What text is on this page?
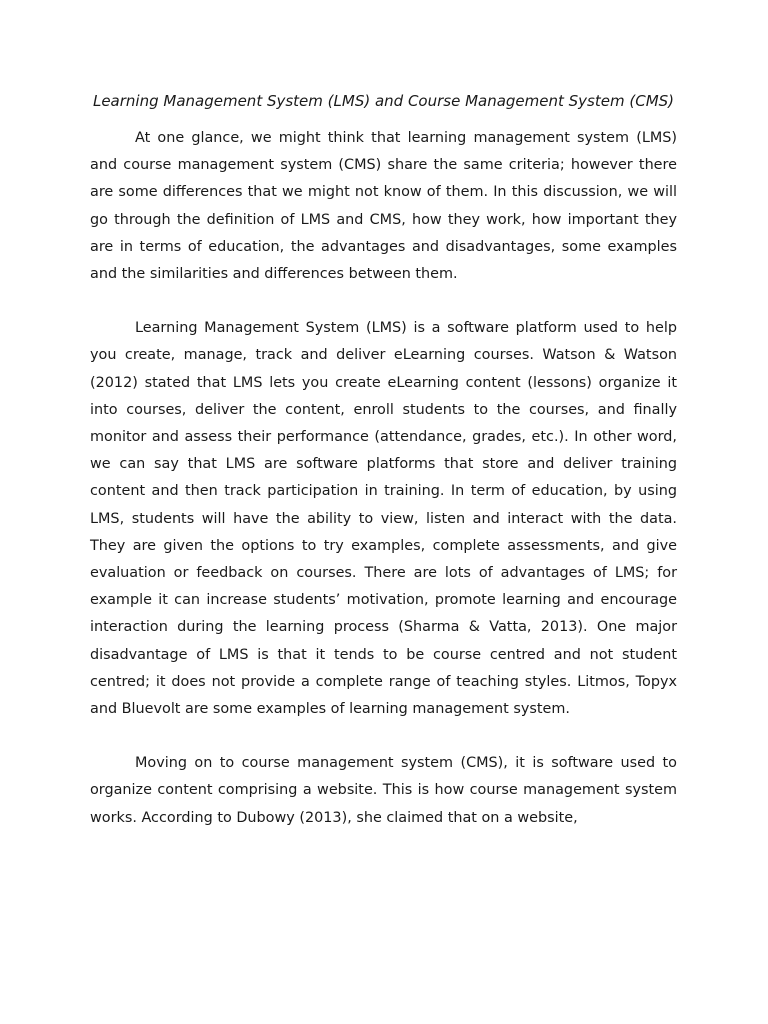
Learning Management System (LMS) and Course Management System (CMS)

At one glance, we might think that learning management system (LMS) and course management system (CMS) share the same criteria; however there are some differences that we might not know of them. In this discussion, we will go through the definition of LMS and CMS, how they work, how important they are in terms of education, the advantages and disadvantages, some examples and the similarities and differences between them.

Learning Management System (LMS) is a software platform used to help you create, manage, track and deliver eLearning courses. Watson & Watson (2012) stated that LMS lets you create eLearning content (lessons) organize it into courses, deliver the content, enroll students to the courses, and finally monitor and assess their performance (attendance, grades, etc.). In other word, we can say that LMS are software platforms that store and deliver training content and then track participation in training. In term of education, by using LMS, students will have the ability to view, listen and interact with the data. They are given the options to try examples, complete assessments, and give evaluation or feedback on courses. There are lots of advantages of LMS; for example it can increase students’ motivation, promote learning and encourage interaction during the learning process (Sharma & Vatta, 2013). One major disadvantage of LMS is that it tends to be course centred and not student centred; it does not provide a complete range of teaching styles. Litmos, Topyx and Bluevolt are some examples of learning management system.

Moving on to course management system (CMS), it is software used to organize content comprising a website. This is how course management system works. According to Dubowy (2013), she claimed that on a website,
